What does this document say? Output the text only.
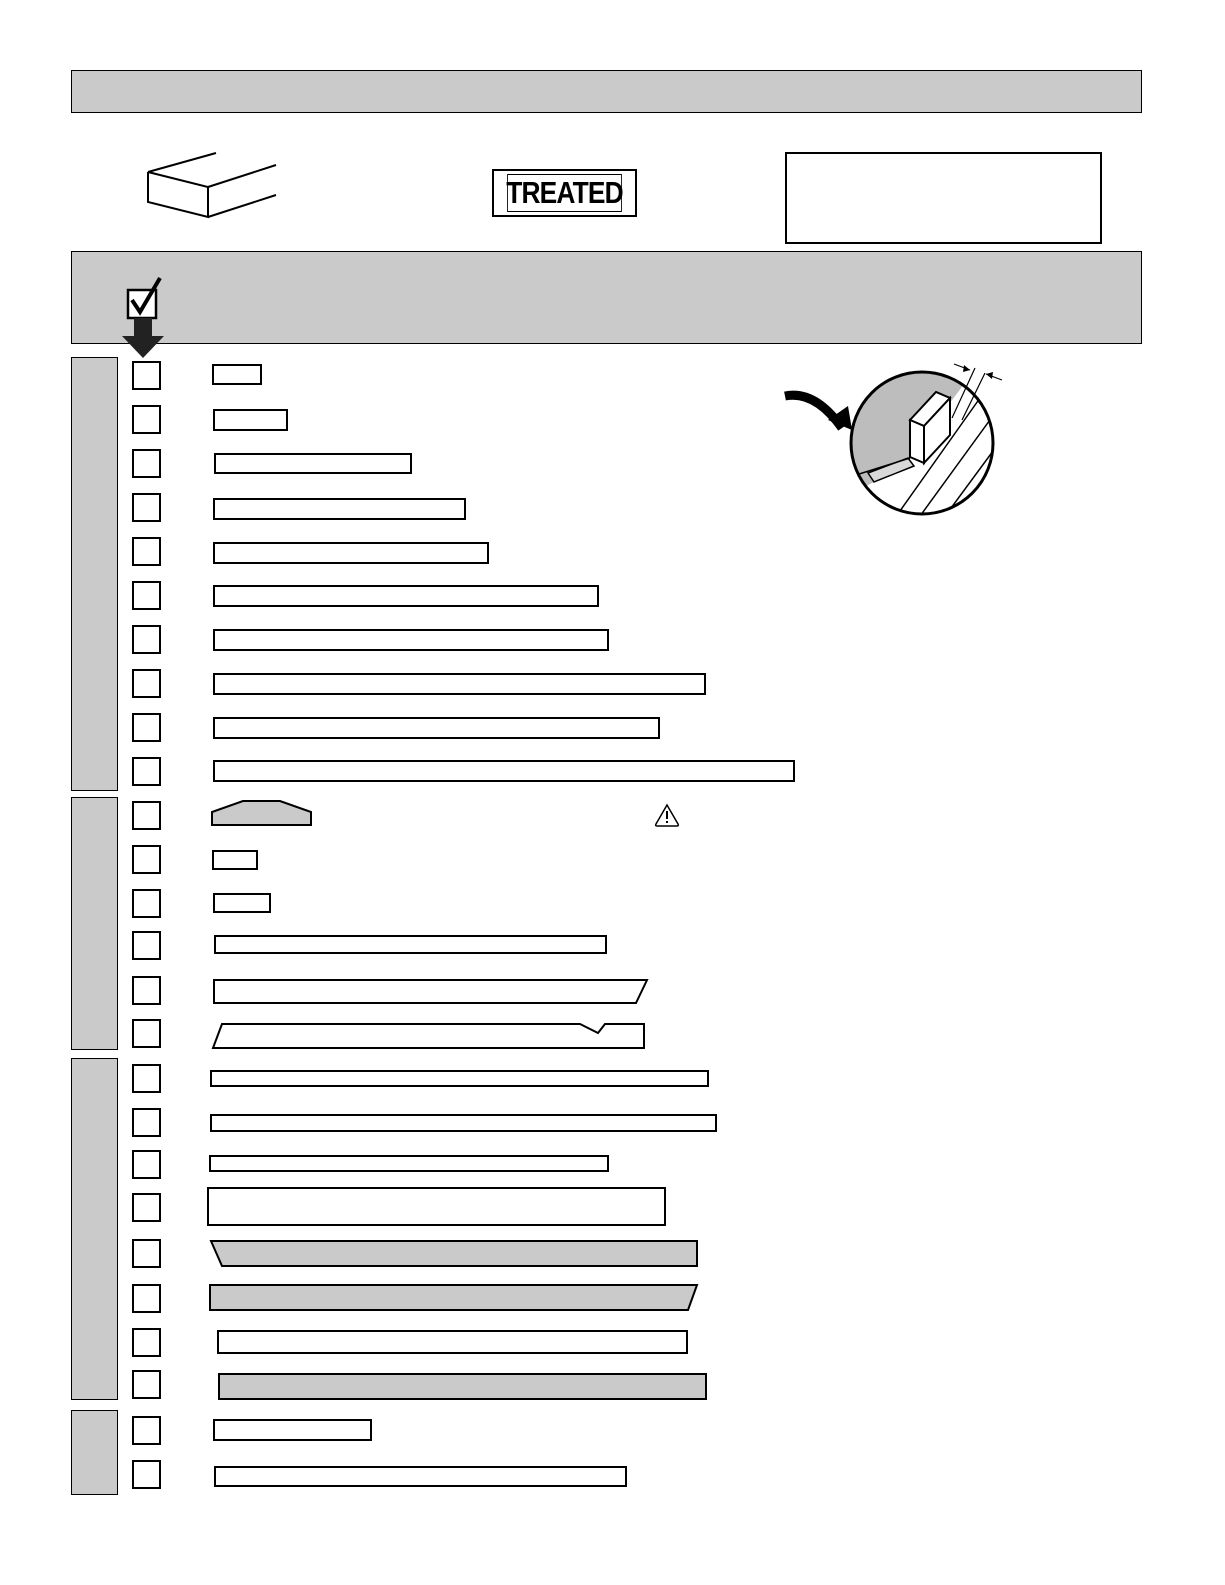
TREATED
